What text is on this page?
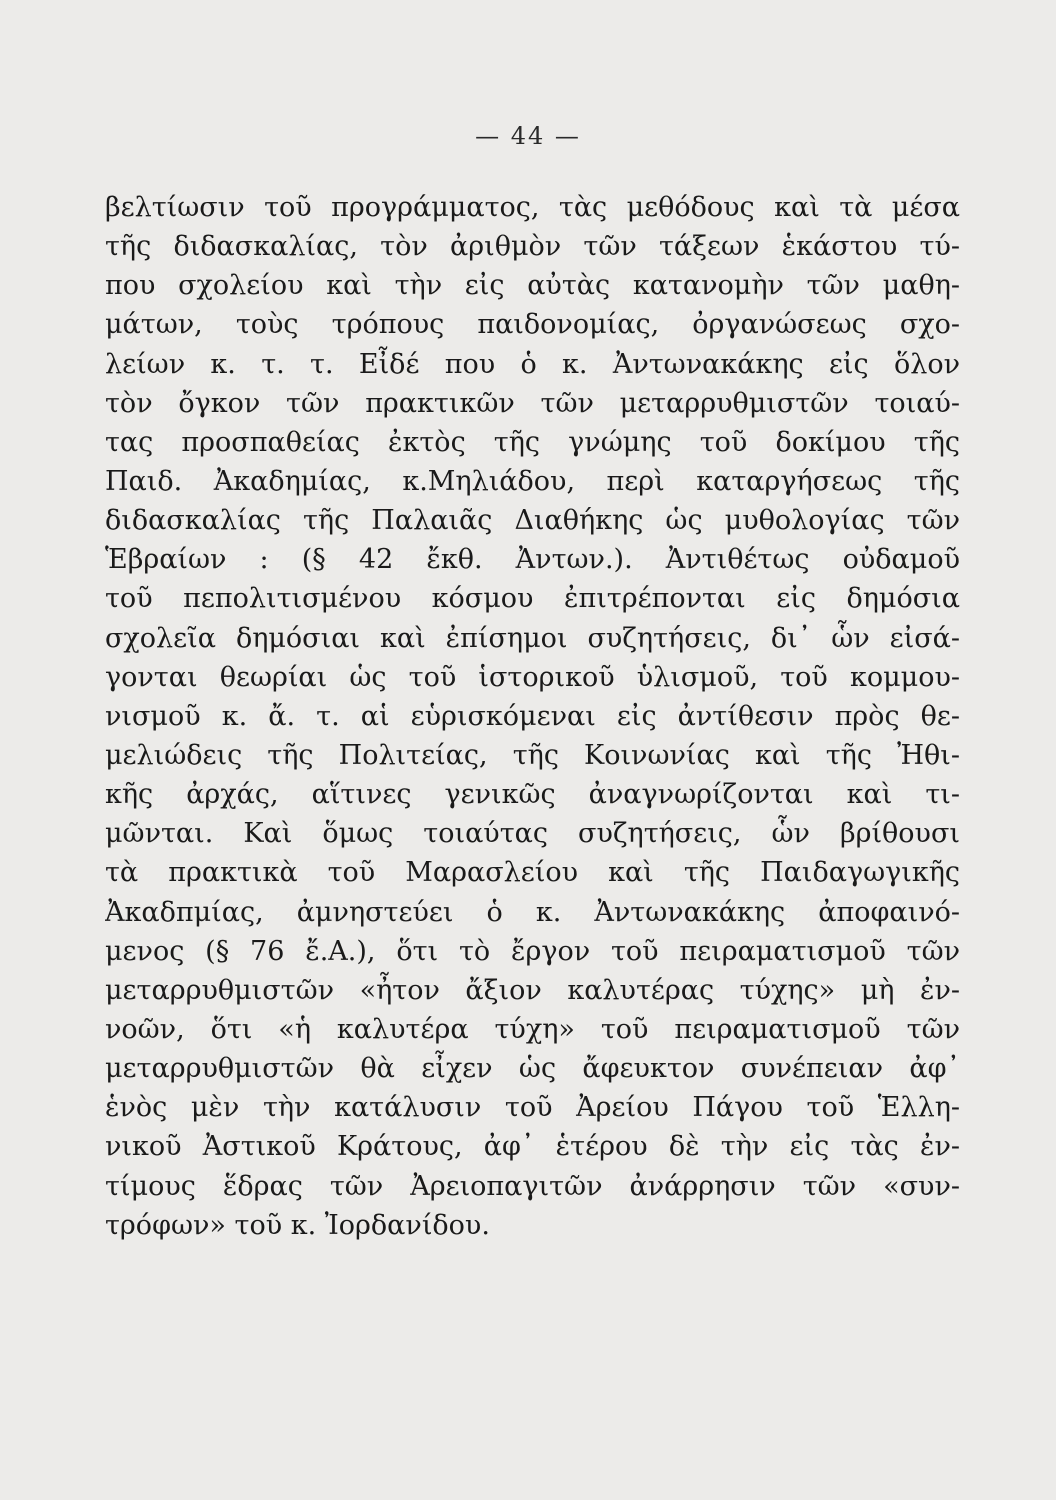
— 44 —
βελτίωσιν τοῦ προγράμματος, τὰς μεθόδους καὶ τὰ μέσα
τῆς διδασκαλίας, τὸν ἀριθμὸν τῶν τάξεων ἑκάστου τύ-
που σχολείου καὶ τὴν εἰς αὐτὰς κατανομὴν τῶν μαθη-
μάτων, τοὺς τρόπους παιδονομίας, ὀργανώσεως σχο-
λείων κ. τ. τ. Εἶδέ που ὁ κ. Ἀντωνακάκης εἰς ὅλον
τὸν ὄγκον τῶν πρακτικῶν τῶν μεταρρυθμιστῶν τοιαύ-
τας προσπαθείας ἐκτὸς τῆς γνώμης τοῦ δοκίμου τῆς
Παιδ. Ἀκαδημίας, κ.Μηλιάδου, περὶ καταργήσεως τῆς
διδασκαλίας τῆς Παλαιᾶς Διαθήκης ὡς μυθολογίας τῶν
Ἑβραίων : (§ 42 ἔκθ. Ἀντων.). Ἀντιθέτως οὐδαμοῦ
τοῦ πεπολιτισμένου κόσμου ἐπιτρέπονται εἰς δημόσια
σχολεῖα δημόσιαι καὶ ἐπίσημοι συζητήσεις, δι᾿ ὧν εἰσά-
γονται θεωρίαι ὡς τοῦ ἱστορικοῦ ὑλισμοῦ, τοῦ κομμου-
νισμοῦ κ. ἄ. τ. αἱ εὑρισκόμεναι εἰς ἀντίθεσιν πρὸς θε-
μελιώδεις τῆς Πολιτείας, τῆς Κοινωνίας καὶ τῆς Ἠθι-
κῆς ἀρχάς, αἵτινες γενικῶς ἀναγνωρίζονται καὶ τι-
μῶνται. Καὶ ὅμως τοιαύτας συζητήσεις, ὧν βρίθουσι
τὰ πρακτικὰ τοῦ Μαρασλείου καὶ τῆς Παιδαγωγικῆς
Ἀκαδπμίας, ἀμνηστεύει ὁ κ. Ἀντωνακάκης ἀποφαινό-
μενος (§ 76 ἔ.Α.), ὅτι τὸ ἔργον τοῦ πειραματισμοῦ τῶν
μεταρρυθμιστῶν «ἦτον ἄξιον καλυτέρας τύχης» μὴ ἐν-
νοῶν, ὅτι «ἡ καλυτέρα τύχη» τοῦ πειραματισμοῦ τῶν
μεταρρυθμιστῶν θὰ εἶχεν ὡς ἄφευκτον συνέπειαν ἀφ᾿
ἑνὸς μὲν τὴν κατάλυσιν τοῦ Ἀρείου Πάγου τοῦ Ἑλλη-
νικοῦ Ἀστικοῦ Κράτους, ἀφ᾿ ἑτέρου δὲ τὴν εἰς τὰς ἐν-
τίμους ἕδρας τῶν Ἀρειοπαγιτῶν ἀνάρρησιν τῶν «συν-
τρόφων» τοῦ κ. Ἰορδανίδου.
